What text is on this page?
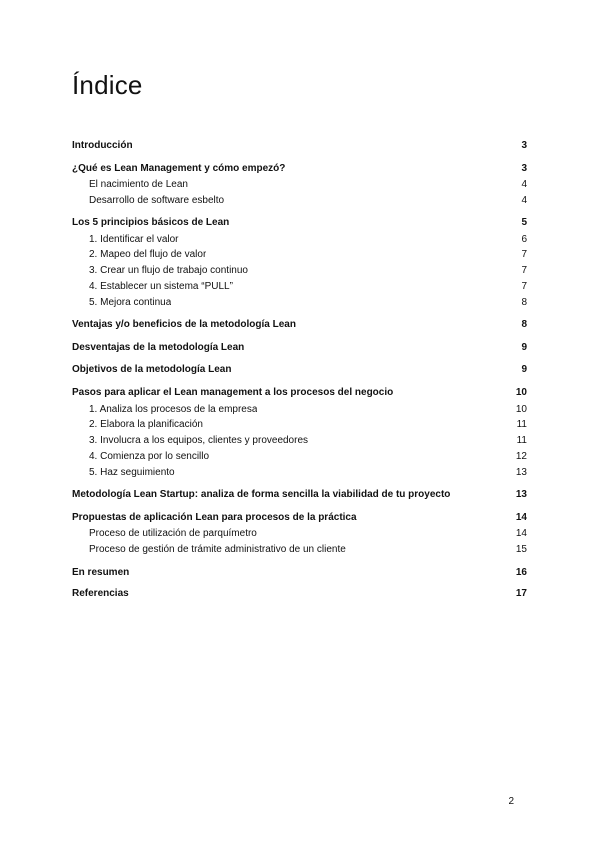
Índice
Introducción	3
¿Qué es Lean Management y cómo empezó?	3
El nacimiento de Lean	4
Desarrollo de software esbelto	4
Los 5 principios básicos de Lean	5
1. Identificar el valor	6
2. Mapeo del flujo de valor	7
3. Crear un flujo de trabajo continuo	7
4. Establecer un sistema “PULL”	7
5. Mejora continua	8
Ventajas y/o beneficios de la metodología Lean	8
Desventajas de la metodología Lean	9
Objetivos de la metodología Lean	9
Pasos para aplicar el Lean management a los procesos del negocio	10
1. Analiza los procesos de la empresa	10
2. Elabora la planificación	11
3. Involucra a los equipos, clientes y proveedores	11
4. Comienza por lo sencillo	12
5. Haz seguimiento	13
Metodología Lean Startup: analiza de forma sencilla la viabilidad de tu proyecto	13
Propuestas de aplicación Lean para procesos de la práctica	14
Proceso de utilización de parquímetro	14
Proceso de gestión de trámite administrativo de un cliente	15
En resumen	16
Referencias	17
2
